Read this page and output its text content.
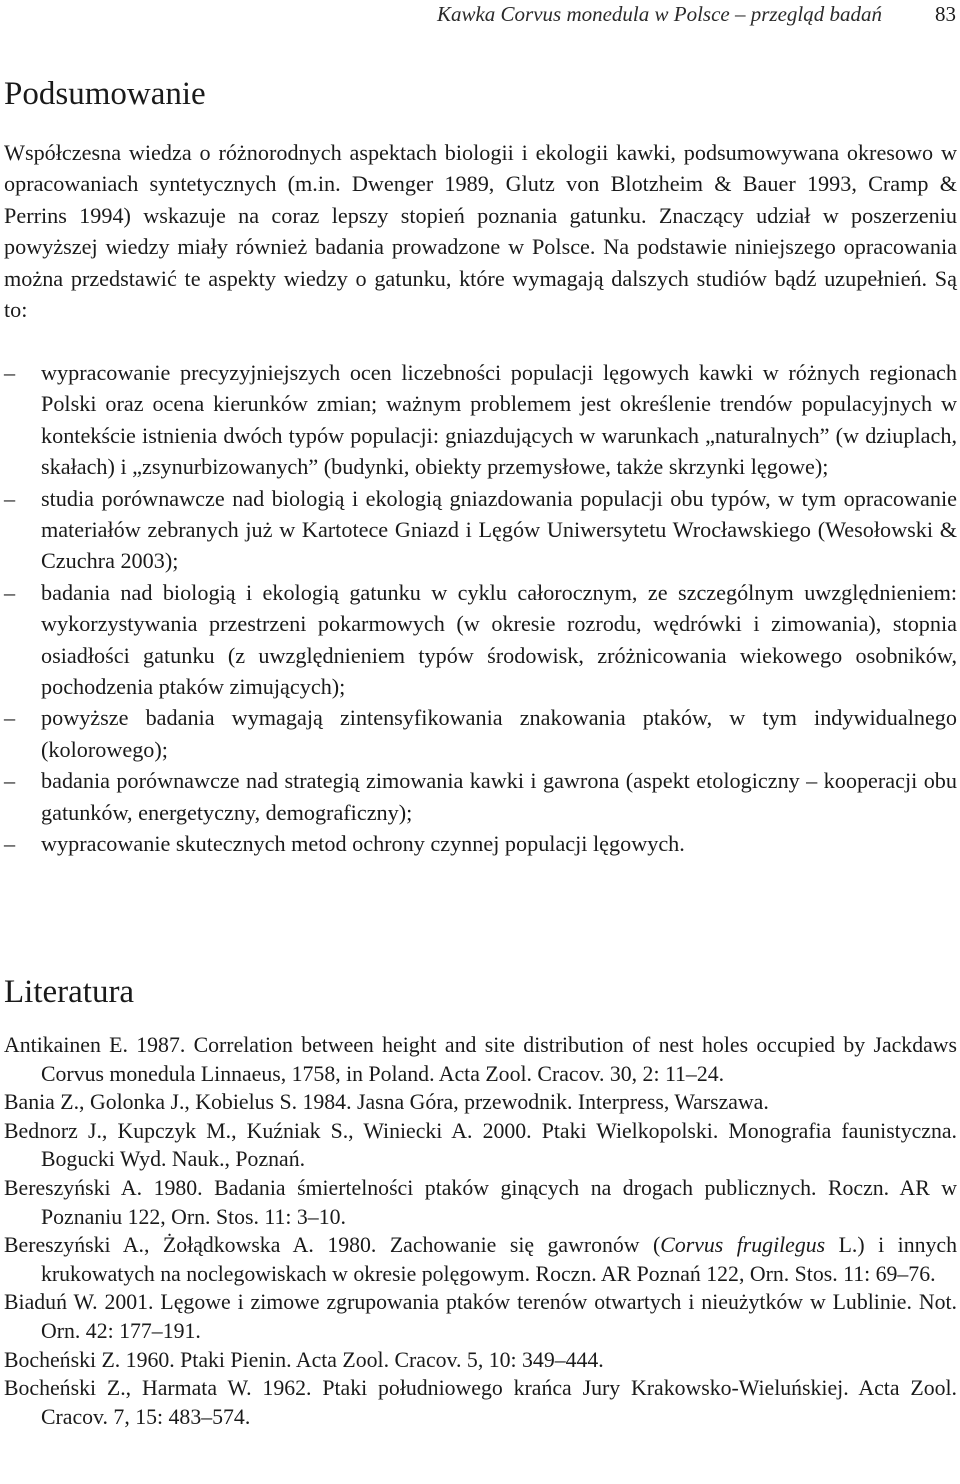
Kawka Corvus monedula w Polsce – przegląd badań	83
Podsumowanie

Współczesna wiedza o różnorodnych aspektach biologii i ekologii kawki, podsumowywana okresowo w opracowaniach syntetycznych (m.in. Dwenger 1989, Glutz von Blotzheim & Bauer 1993, Cramp & Perrins 1994) wskazuje na coraz lepszy stopień poznania gatunku. Znaczący udział w poszerzeniu powyższej wiedzy miały również badania prowadzone w Polsce. Na podstawie niniejszego opracowania można przedstawić te aspekty wiedzy o gatunku, które wymagają dalszych studiów bądź uzupełnień. Są to:

– wypracowanie precyzyjniejszych ocen liczebności populacji lęgowych kawki w różnych regionach Polski oraz ocena kierunków zmian; ważnym problemem jest określenie trendów populacyjnych w kontekście istnienia dwóch typów populacji: gniazdujących w warunkach „naturalnych” (w dziuplach, skałach) i „zsynurbizowanych” (budynki, obiekty przemysłowe, także skrzynki lęgowe);
– studia porównawcze nad biologią i ekologią gniazdowania populacji obu typów, w tym opracowanie materiałów zebranych już w Kartotece Gniazd i Lęgów Uniwersytetu Wrocławskiego (Wesołowski & Czuchra 2003);
– badania nad biologią i ekologią gatunku w cyklu całorocznym, ze szczególnym uwzględnieniem: wykorzystywania przestrzeni pokarmowych (w okresie rozrodu, wędrówki i zimowania), stopnia osiadłości gatunku (z uwzględnieniem typów środowisk, zróżnicowania wiekowego osobników, pochodzenia ptaków zimujących);
– powyższe badania wymagają zintensyfikowania znakowania ptaków, w tym indywidualnego (kolorowego);
– badania porównawcze nad strategią zimowania kawki i gawrona (aspekt etologiczny – kooperacji obu gatunków, energetyczny, demograficzny);
– wypracowanie skutecznych metod ochrony czynnej populacji lęgowych.
Literatura
Antikainen E. 1987. Correlation between height and site distribution of nest holes occupied by Jackdaws Corvus monedula Linnaeus, 1758, in Poland. Acta Zool. Cracov. 30, 2: 11–24.
Bania Z., Golonka J., Kobielus S. 1984. Jasna Góra, przewodnik. Interpress, Warszawa.
Bednorz J., Kupczyk M., Kuźniak S., Winiecki A. 2000. Ptaki Wielkopolski. Monografia faunistyczna. Bogucki Wyd. Nauk., Poznań.
Bereszyński A. 1980. Badania śmiertelności ptaków ginących na drogach publicznych. Roczn. AR w Poznaniu 122, Orn. Stos. 11: 3–10.
Bereszyński A., Żołądkowska A. 1980. Zachowanie się gawronów (Corvus frugilegus L.) i innych krukowatych na noclegowiskach w okresie polęgowym. Roczn. AR Poznań 122, Orn. Stos. 11: 69–76.
Biaduń W. 2001. Lęgowe i zimowe zgrupowania ptaków terenów otwartych i nieużytków w Lublinie. Not. Orn. 42: 177–191.
Bocheński Z. 1960. Ptaki Pienin. Acta Zool. Cracov. 5, 10: 349–444.
Bocheński Z., Harmata W. 1962. Ptaki południowego krańca Jury Krakowsko-Wieluńskiej. Acta Zool. Cracov. 7, 15: 483–574.
